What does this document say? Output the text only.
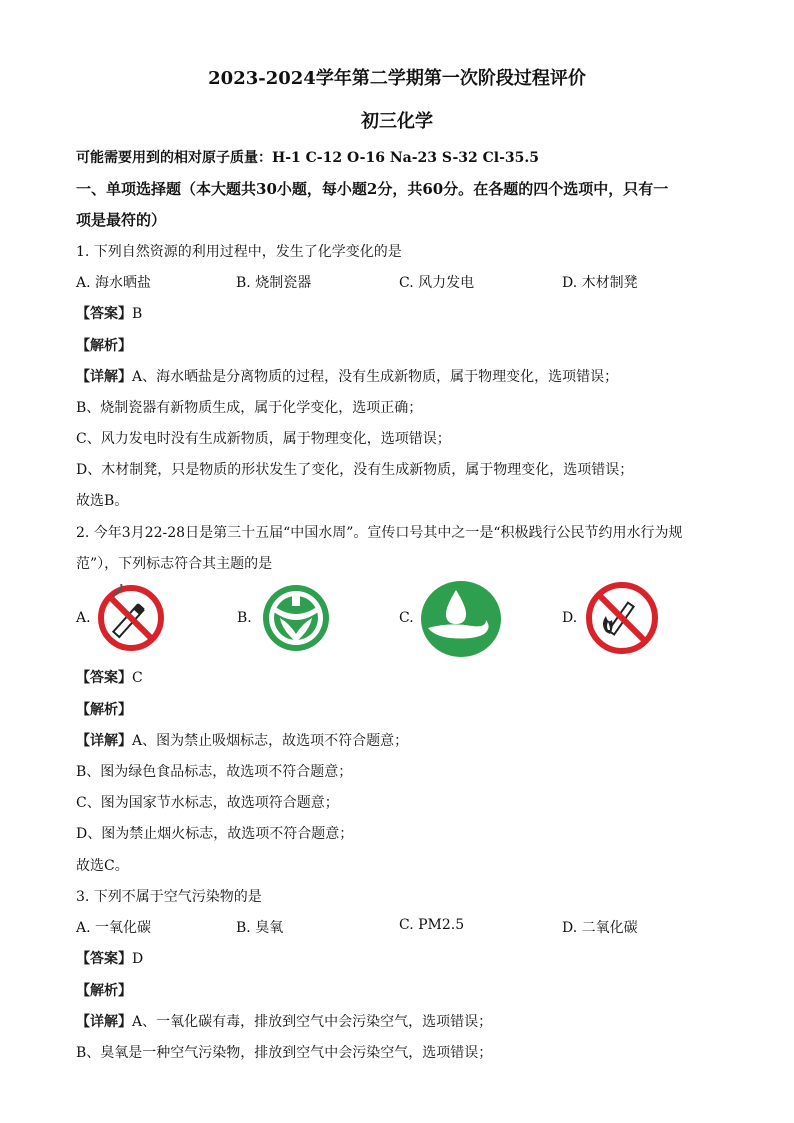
2023-2024学年第二学期第一次阶段过程评价
初三化学
可能需要用到的相对原子质量：H-1 C-12 O-16 Na-23 S-32 Cl-35.5
一、单项选择题（本大题共30小题，每小题2分，共60分。在各题的四个选项中，只有一
项是最符的）
1. 下列自然资源的利用过程中，发生了化学变化的是
A. 海水晒盐	B. 烧制瓷器	C. 风力发电	D. 木材制凳
【答案】B
【解析】
【详解】A、海水晒盐是分离物质的过程，没有生成新物质，属于物理变化，选项错误；
B、烧制瓷器有新物质生成，属于化学变化，选项正确；
C、风力发电时没有生成新物质，属于物理变化，选项错误；
D、木材制凳，只是物质的形状发生了变化，没有生成新物质，属于物理变化，选项错误；
故选B。
2. 今年3月22-28日是第三十五届“中国水周”。宣传口号其中之一是“积极践行公民节约用水行为规
范”），下列标志符合其主题的是
A.	B.	C.	D.
【答案】C
【解析】
【详解】A、图为禁止吸烟标志，故选项不符合题意；
B、图为绿色食品标志，故选项不符合题意；
C、图为国家节水标志，故选项符合题意；
D、图为禁止烟火标志，故选项不符合题意；
故选C。
3. 下列不属于空气污染物的是
A. 一氧化碳	B. 臭氧	C. PM2.5	D. 二氧化碳
【答案】D
【解析】
【详解】A、一氧化碳有毒，排放到空气中会污染空气，选项错误；
B、臭氧是一种空气污染物，排放到空气中会污染空气，选项错误；
